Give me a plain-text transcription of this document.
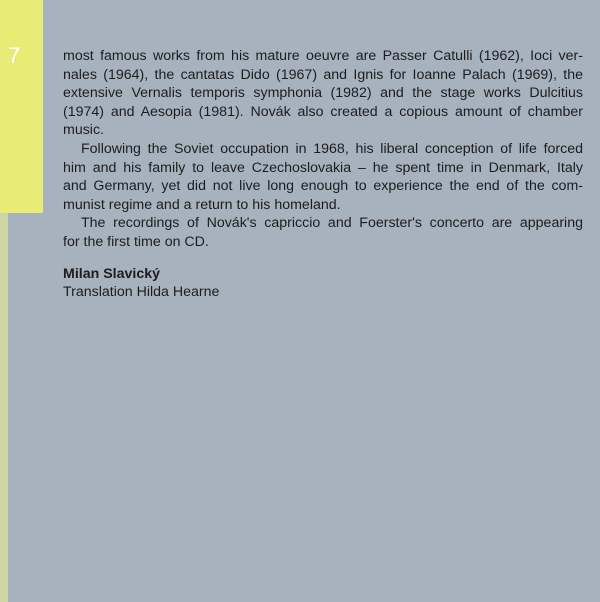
7	most famous works from his mature oeuvre are Passer Catulli (1962), Ioci ver-
nales (1964), the cantatas Dido (1967) and Ignis for Ioanne Palach (1969), the
extensive Vernalis temporis symphonia (1982) and the stage works Dulcitius
(1974) and Aesopia (1981). Novák also created a copious amount of chamber
music.

Following the Soviet occupation in 1968, his liberal conception of life forced
him and his family to leave Czechoslovakia – he spent time in Denmark, Italy
and Germany, yet did not live long enough to experience the end of the com-
munist regime and a return to his homeland.

The recordings of Novák's capriccio and Foerster's concerto are appearing
for the first time on CD.

Milan Slavický
Translation Hilda Hearne
